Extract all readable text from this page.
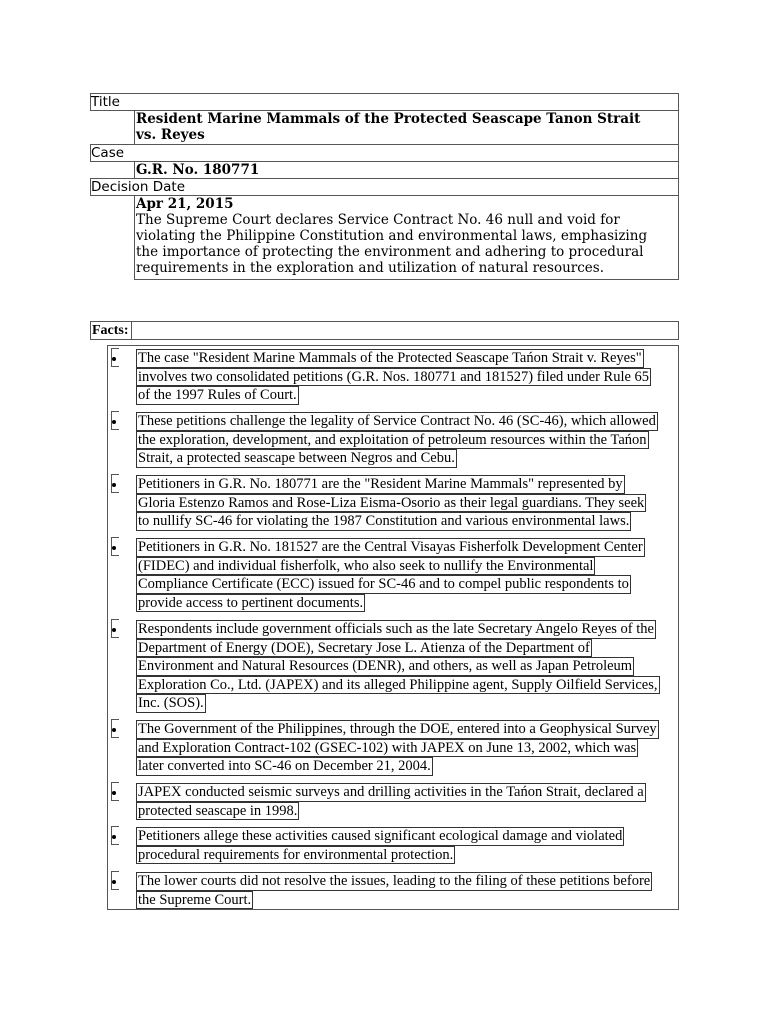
Title
Resident Marine Mammals of the Protected Seascape Tanon Strait
vs. Reyes
Case
G.R. No. 180771
Decision Date
Apr 21, 2015
The Supreme Court declares Service Contract No. 46 null and void for
violating the Philippine Constitution and environmental laws, emphasizing
the importance of protecting the environment and adhering to procedural
requirements in the exploration and utilization of natural resources.
Facts:
The case "Resident Marine Mammals of the Protected Seascape Tańon Strait v. Reyes"
involves two consolidated petitions (G.R. Nos. 180771 and 181527) filed under Rule 65
of the 1997 Rules of Court.
These petitions challenge the legality of Service Contract No. 46 (SC-46), which allowed
the exploration, development, and exploitation of petroleum resources within the Tańon
Strait, a protected seascape between Negros and Cebu.
Petitioners in G.R. No. 180771 are the "Resident Marine Mammals" represented by
Gloria Estenzo Ramos and Rose-Liza Eisma-Osorio as their legal guardians. They seek
to nullify SC-46 for violating the 1987 Constitution and various environmental laws.
Petitioners in G.R. No. 181527 are the Central Visayas Fisherfolk Development Center
(FIDEC) and individual fisherfolk, who also seek to nullify the Environmental
Compliance Certificate (ECC) issued for SC-46 and to compel public respondents to
provide access to pertinent documents.
Respondents include government officials such as the late Secretary Angelo Reyes of the
Department of Energy (DOE), Secretary Jose L. Atienza of the Department of
Environment and Natural Resources (DENR), and others, as well as Japan Petroleum
Exploration Co., Ltd. (JAPEX) and its alleged Philippine agent, Supply Oilfield Services,
Inc. (SOS).
The Government of the Philippines, through the DOE, entered into a Geophysical Survey
and Exploration Contract-102 (GSEC-102) with JAPEX on June 13, 2002, which was
later converted into SC-46 on December 21, 2004.
JAPEX conducted seismic surveys and drilling activities in the Tańon Strait, declared a
protected seascape in 1998.
Petitioners allege these activities caused significant ecological damage and violated
procedural requirements for environmental protection.
The lower courts did not resolve the issues, leading to the filing of these petitions before
the Supreme Court.
